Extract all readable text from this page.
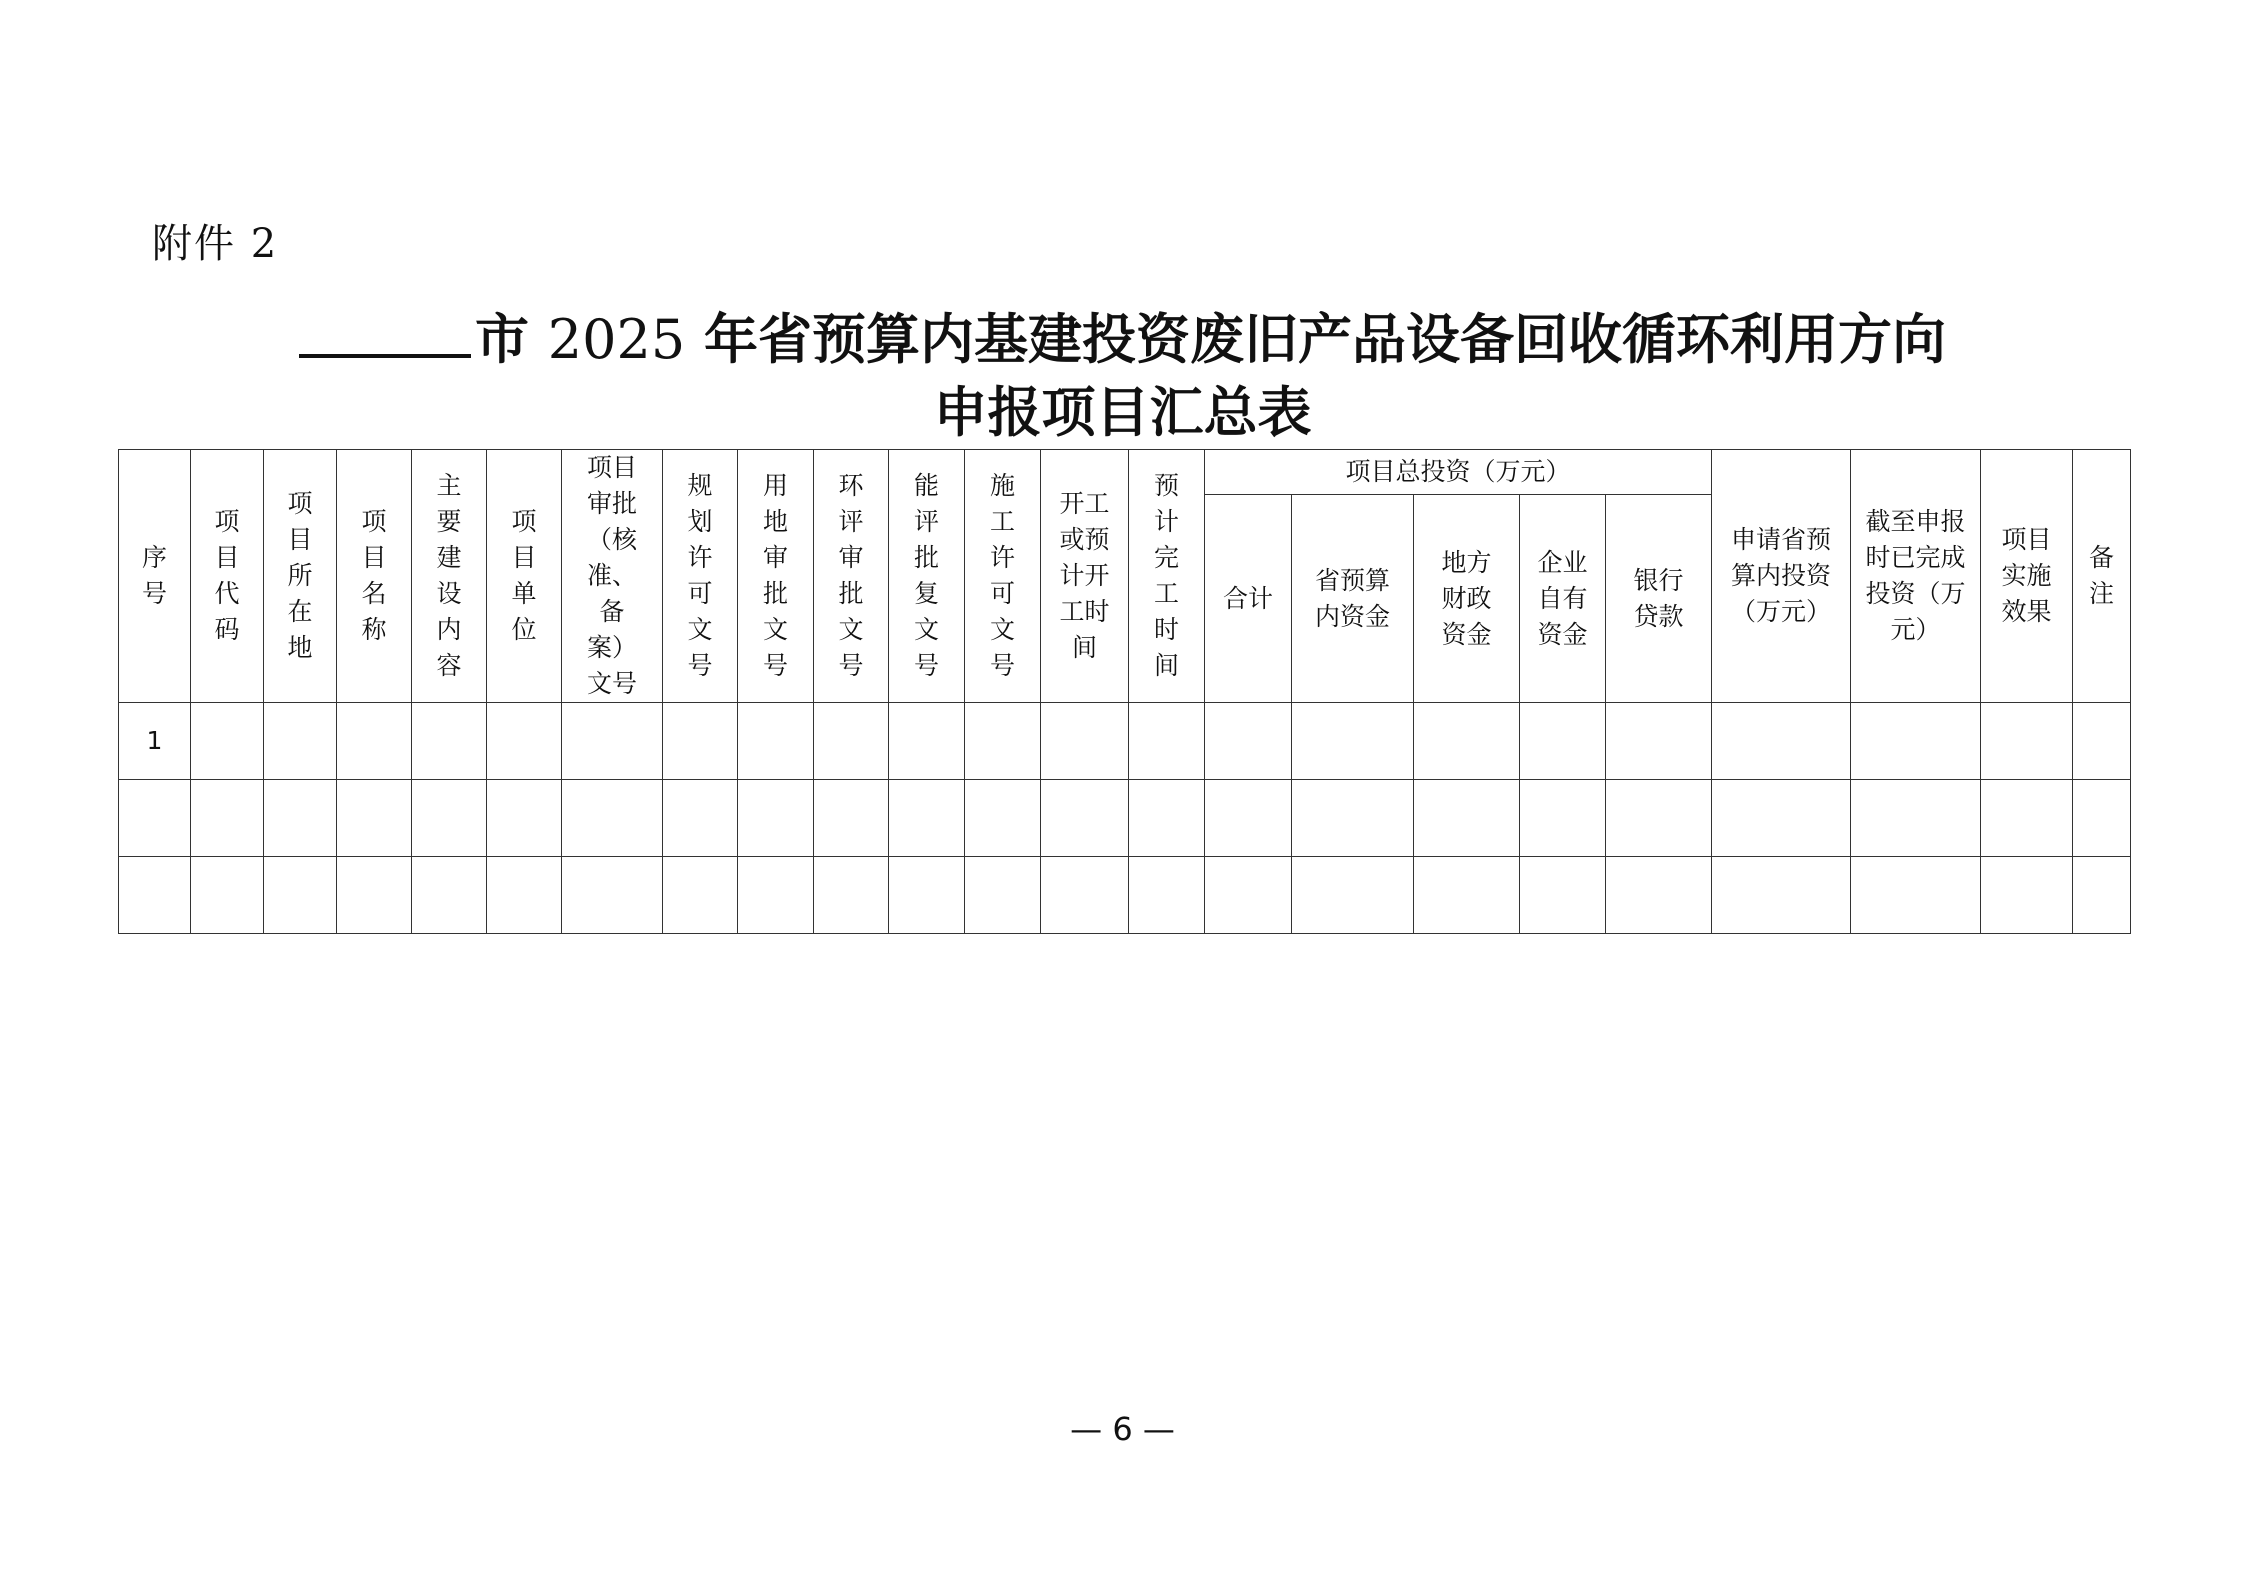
附件 2
市 2025 年省预算内基建投资废旧产品设备回收循环利用方向
申报项目汇总表
序号	项目代码	项目所在地	项目名称	主要建设内容	项目单位	项目审批（核准、备案）文号	规划许可文号	用地审批文号	环评审批文号	能评批复文号	施工许可文号	开工或预计开工时间	预计完工时间	项目总投资（万元）					申请省预算内投资（万元）	截至申报时已完成投资（万元）	项目实施效果	备注
														合计	省预算内资金	地方财政资金	企业自有资金	银行贷款				
1																						

— 6 —
